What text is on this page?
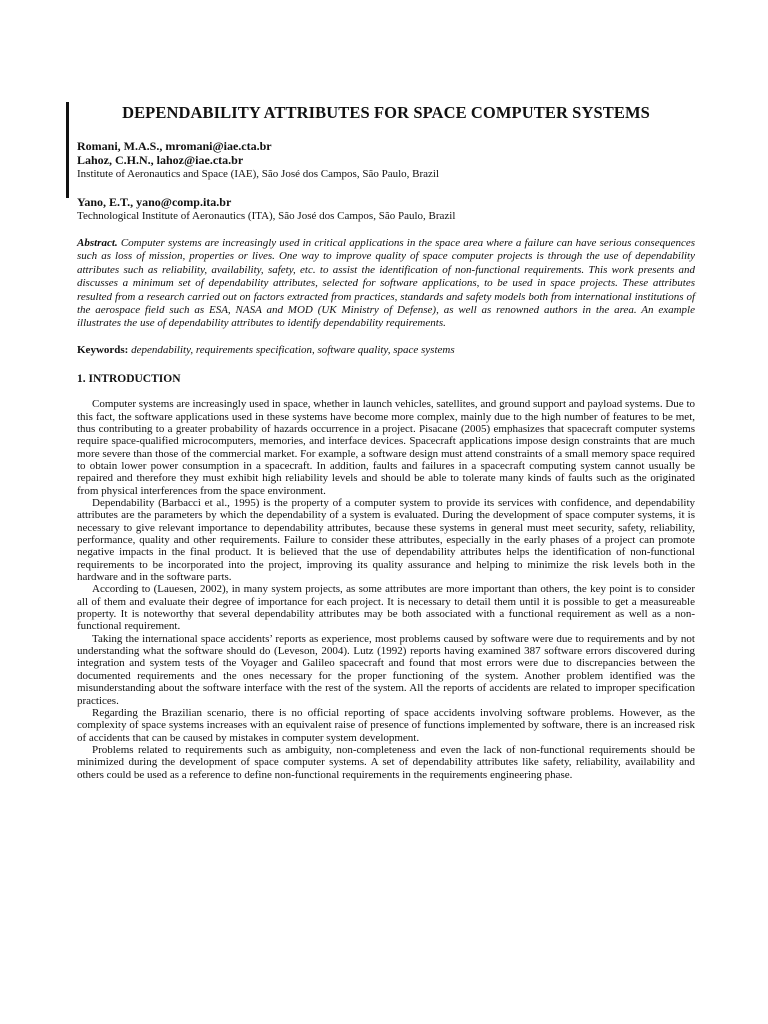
DEPENDABILITY ATTRIBUTES FOR SPACE COMPUTER SYSTEMS

Romani, M.A.S., mromani@iae.cta.br

Lahoz, C.H.N., lahoz@iae.cta.br

Institute of Aeronautics and Space (IAE), São José dos Campos, São Paulo, Brazil

Yano, E.T., yano@comp.ita.br

Technological Institute of Aeronautics (ITA), São José dos Campos, São Paulo, Brazil

Abstract. Computer systems are increasingly used in critical applications in the space area where a failure can have serious consequences such as loss of mission, properties or lives. One way to improve quality of space computer projects is through the use of dependability attributes such as reliability, availability, safety, etc. to assist the identification of non-functional requirements. This work presents and discusses a minimum set of dependability attributes, selected for software applications, to be used in space projects. These attributes resulted from a research carried out on factors extracted from practices, standards and safety models both from international institutions of the aerospace field such as ESA, NASA and MOD (UK Ministry of Defense), as well as renowned authors in the area. An example illustrates the use of dependability attributes to identify dependability requirements.

Keywords: dependability, requirements specification, software quality, space systems

1. INTRODUCTION

Computer systems are increasingly used in space, whether in launch vehicles, satellites, and ground support and payload systems. Due to this fact, the software applications used in these systems have become more complex, mainly due to the high number of features to be met, thus contributing to a greater probability of hazards occurrence in a project. Pisacane (2005) emphasizes that spacecraft computer systems require space-qualified microcomputers, memories, and interface devices. Spacecraft applications impose design constraints that are much more severe than those of the commercial market. For example, a software design must attend constraints of a small memory space required to obtain lower power consumption in a spacecraft. In addition, faults and failures in a spacecraft computing system cannot usually be repaired and therefore they must exhibit high reliability levels and should be able to tolerate many kinds of faults such as the originated from physical interferences from the space environment.

Dependability (Barbacci et al., 1995) is the property of a computer system to provide its services with confidence, and dependability attributes are the parameters by which the dependability of a system is evaluated. During the development of space computer systems, it is necessary to give relevant importance to dependability attributes, because these systems in general must meet security, safety, reliability, performance, quality and other requirements. Failure to consider these attributes, especially in the early phases of a project can promote negative impacts in the final product. It is believed that the use of dependability attributes helps the identification of non-functional requirements to be incorporated into the project, improving its quality assurance and helping to minimize the risk levels both in the hardware and in the software parts.

According to (Lauesen, 2002), in many system projects, as some attributes are more important than others, the key point is to consider all of them and evaluate their degree of importance for each project. It is necessary to detail them until it is possible to get a measureable property. It is noteworthy that several dependability attributes may be both associated with a functional requirement as well as a non-functional requirement.

Taking the international space accidents’ reports as experience, most problems caused by software were due to requirements and by not understanding what the software should do (Leveson, 2004). Lutz (1992) reports having examined 387 software errors discovered during integration and system tests of the Voyager and Galileo spacecraft and found that most errors were due to discrepancies between the documented requirements and the ones necessary for the proper functioning of the system. Another problem identified was the misunderstanding about the software interface with the rest of the system. All the reports of accidents are related to improper specification practices.

Regarding the Brazilian scenario, there is no official reporting of space accidents involving software problems. However, as the complexity of space systems increases with an equivalent raise of presence of functions implemented by software, there is an increased risk of accidents that can be caused by mistakes in computer system development.

Problems related to requirements such as ambiguity, non-completeness and even the lack of non-functional requirements should be minimized during the development of space computer systems. A set of dependability attributes like safety, reliability, availability and others could be used as a reference to define non-functional requirements in the requirements engineering phase.
